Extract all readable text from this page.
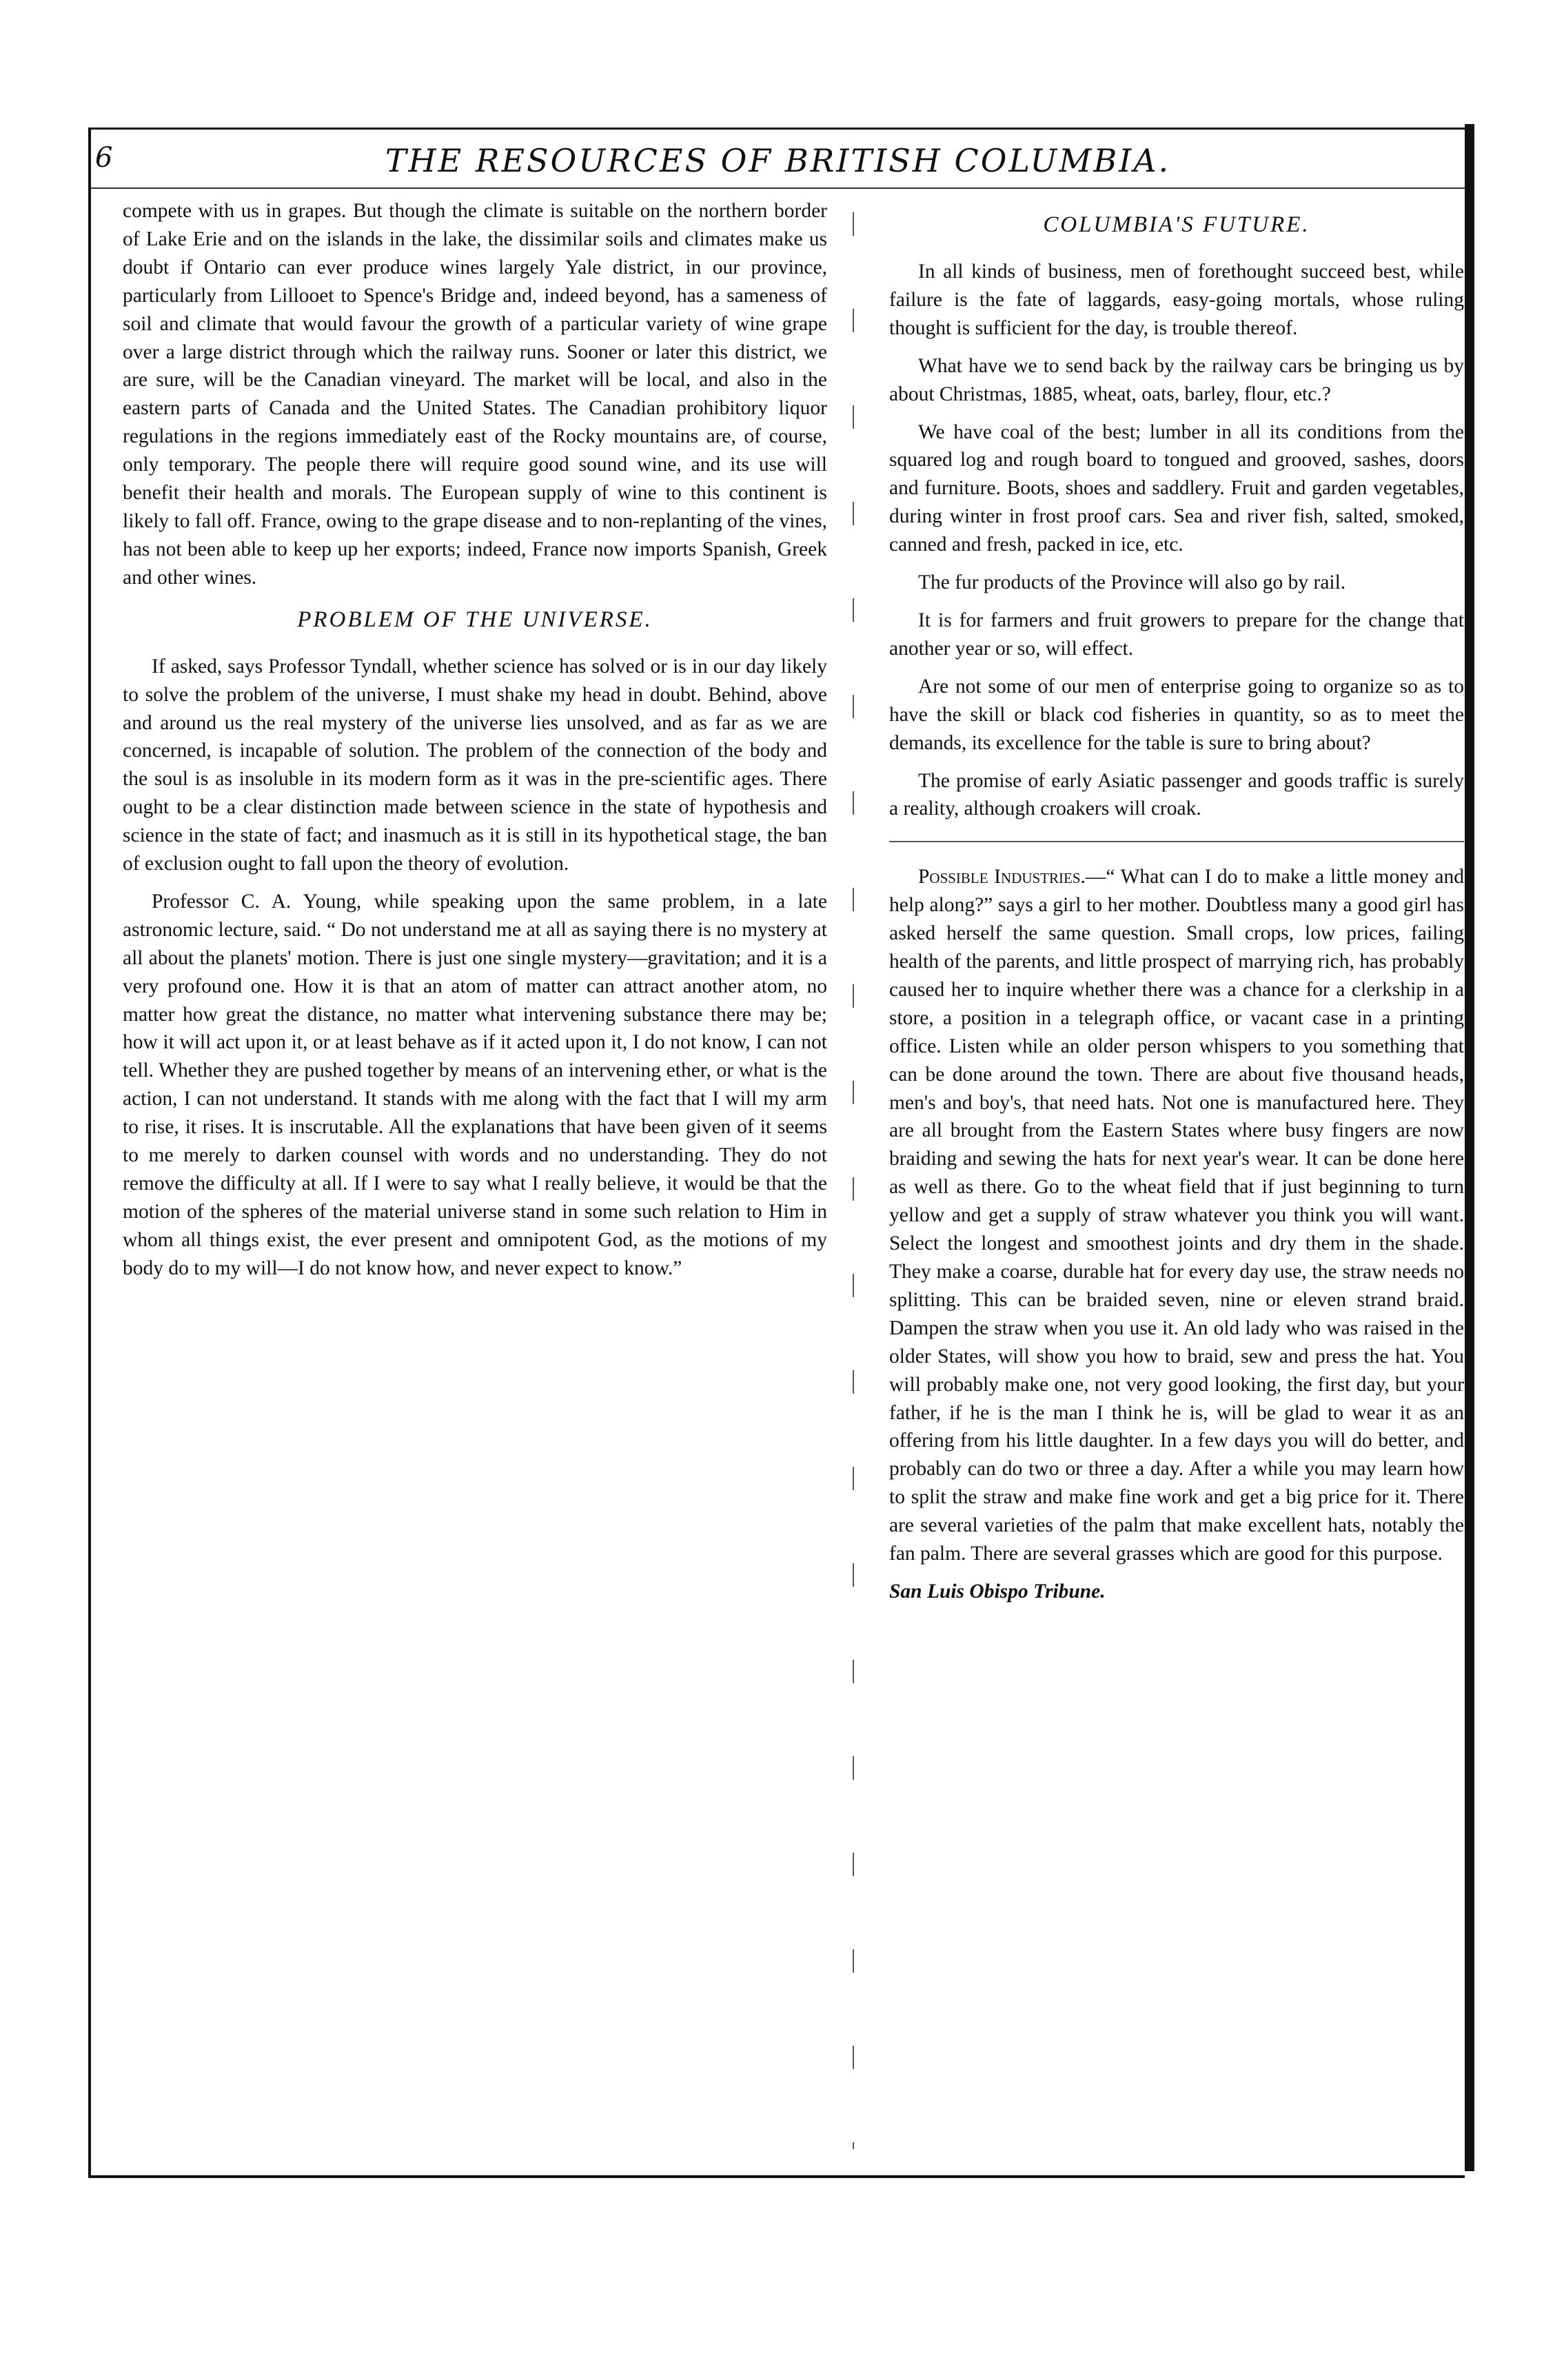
6	THE RESOURCES OF BRITISH COLUMBIA.

compete with us in grapes. But though the climate is suitable on the northern border of Lake Erie and on the islands in the lake, the dissimilar soils and climates make us doubt if Ontario can ever produce wines largely Yale district, in our province, particularly from Lillooet to Spence's Bridge and, indeed beyond, has a sameness of soil and climate that would favour the growth of a particular variety of wine grape over a large district through which the railway runs. Sooner or later this district, we are sure, will be the Canadian vineyard. The market will be local, and also in the eastern parts of Canada and the United States. The Canadian prohibitory liquor regulations in the regions immediately east of the Rocky mountains are, of course, only temporary. The people there will require good sound wine, and its use will benefit their health and morals. The European supply of wine to this continent is likely to fall off. France, owing to the grape disease and to non-replanting of the vines, has not been able to keep up her exports; indeed, France now imports Spanish, Greek and other wines.

PROBLEM OF THE UNIVERSE.

If asked, says Professor Tyndall, whether science has solved or is in our day likely to solve the problem of the universe, I must shake my head in doubt. Behind, above and around us the real mystery of the universe lies unsolved, and as far as we are concerned, is incapable of solution. The problem of the connection of the body and the soul is as insoluble in its modern form as it was in the pre-scientific ages. There ought to be a clear distinction made between science in the state of hypothesis and science in the state of fact; and inasmuch as it is still in its hypothetical stage, the ban of exclusion ought to fall upon the theory of evolution.

Professor C. A. Young, while speaking upon the same problem, in a late astronomic lecture, said. “ Do not understand me at all as saying there is no mystery at all about the planets' motion. There is just one single mystery—gravitation; and it is a very profound one. How it is that an atom of matter can attract another atom, no matter how great the distance, no matter what intervening substance there may be; how it will act upon it, or at least behave as if it acted upon it, I do not know, I can not tell. Whether they are pushed together by means of an intervening ether, or what is the action, I can not understand. It stands with me along with the fact that I will my arm to rise, it rises. It is inscrutable. All the explanations that have been given of it seems to me merely to darken counsel with words and no understanding. They do not remove the difficulty at all. If I were to say what I really believe, it would be that the motion of the spheres of the material universe stand in some such relation to Him in whom all things exist, the ever present and omnipotent God, as the motions of my body do to my will—I do not know how, and never expect to know.”

COLUMBIA'S FUTURE.

In all kinds of business, men of forethought succeed best, while failure is the fate of laggards, easy-going mortals, whose ruling thought is sufficient for the day, is trouble thereof.

What have we to send back by the railway cars be bringing us by about Christmas, 1885, wheat, oats, barley, flour, etc.?

We have coal of the best; lumber in all its conditions from the squared log and rough board to tongued and grooved, sashes, doors and furniture. Boots, shoes and saddlery. Fruit and garden vegetables, during winter in frost proof cars. Sea and river fish, salted, smoked, canned and fresh, packed in ice, etc.

The fur products of the Province will also go by rail.

It is for farmers and fruit growers to prepare for the change that another year or so, will effect.

Are not some of our men of enterprise going to organize so as to have the skill or black cod fisheries in quantity, so as to meet the demands, its excellence for the table is sure to bring about?

The promise of early Asiatic passenger and goods traffic is surely a reality, although croakers will croak.

Possible Industries.—“ What can I do to make a little money and help along?” says a girl to her mother. Doubtless many a good girl has asked herself the same question. Small crops, low prices, failing health of the parents, and little prospect of marrying rich, has probably caused her to inquire whether there was a chance for a clerkship in a store, a position in a telegraph office, or vacant case in a printing office. Listen while an older person whispers to you something that can be done around the town. There are about five thousand heads, men's and boy's, that need hats. Not one is manufactured here. They are all brought from the Eastern States where busy fingers are now braiding and sewing the hats for next year's wear. It can be done here as well as there. Go to the wheat field that if just beginning to turn yellow and get a supply of straw whatever you think you will want. Select the longest and smoothest joints and dry them in the shade. They make a coarse, durable hat for every day use, the straw needs no splitting. This can be braided seven, nine or eleven strand braid. Dampen the straw when you use it. An old lady who was raised in the older States, will show you how to braid, sew and press the hat. You will probably make one, not very good looking, the first day, but your father, if he is the man I think he is, will be glad to wear it as an offering from his little daughter. In a few days you will do better, and probably can do two or three a day. After a while you may learn how to split the straw and make fine work and get a big price for it. There are several varieties of the palm that make excellent hats, notably the fan palm. There are several grasses which are good for this purpose.

San Luis Obispo Tribune.
